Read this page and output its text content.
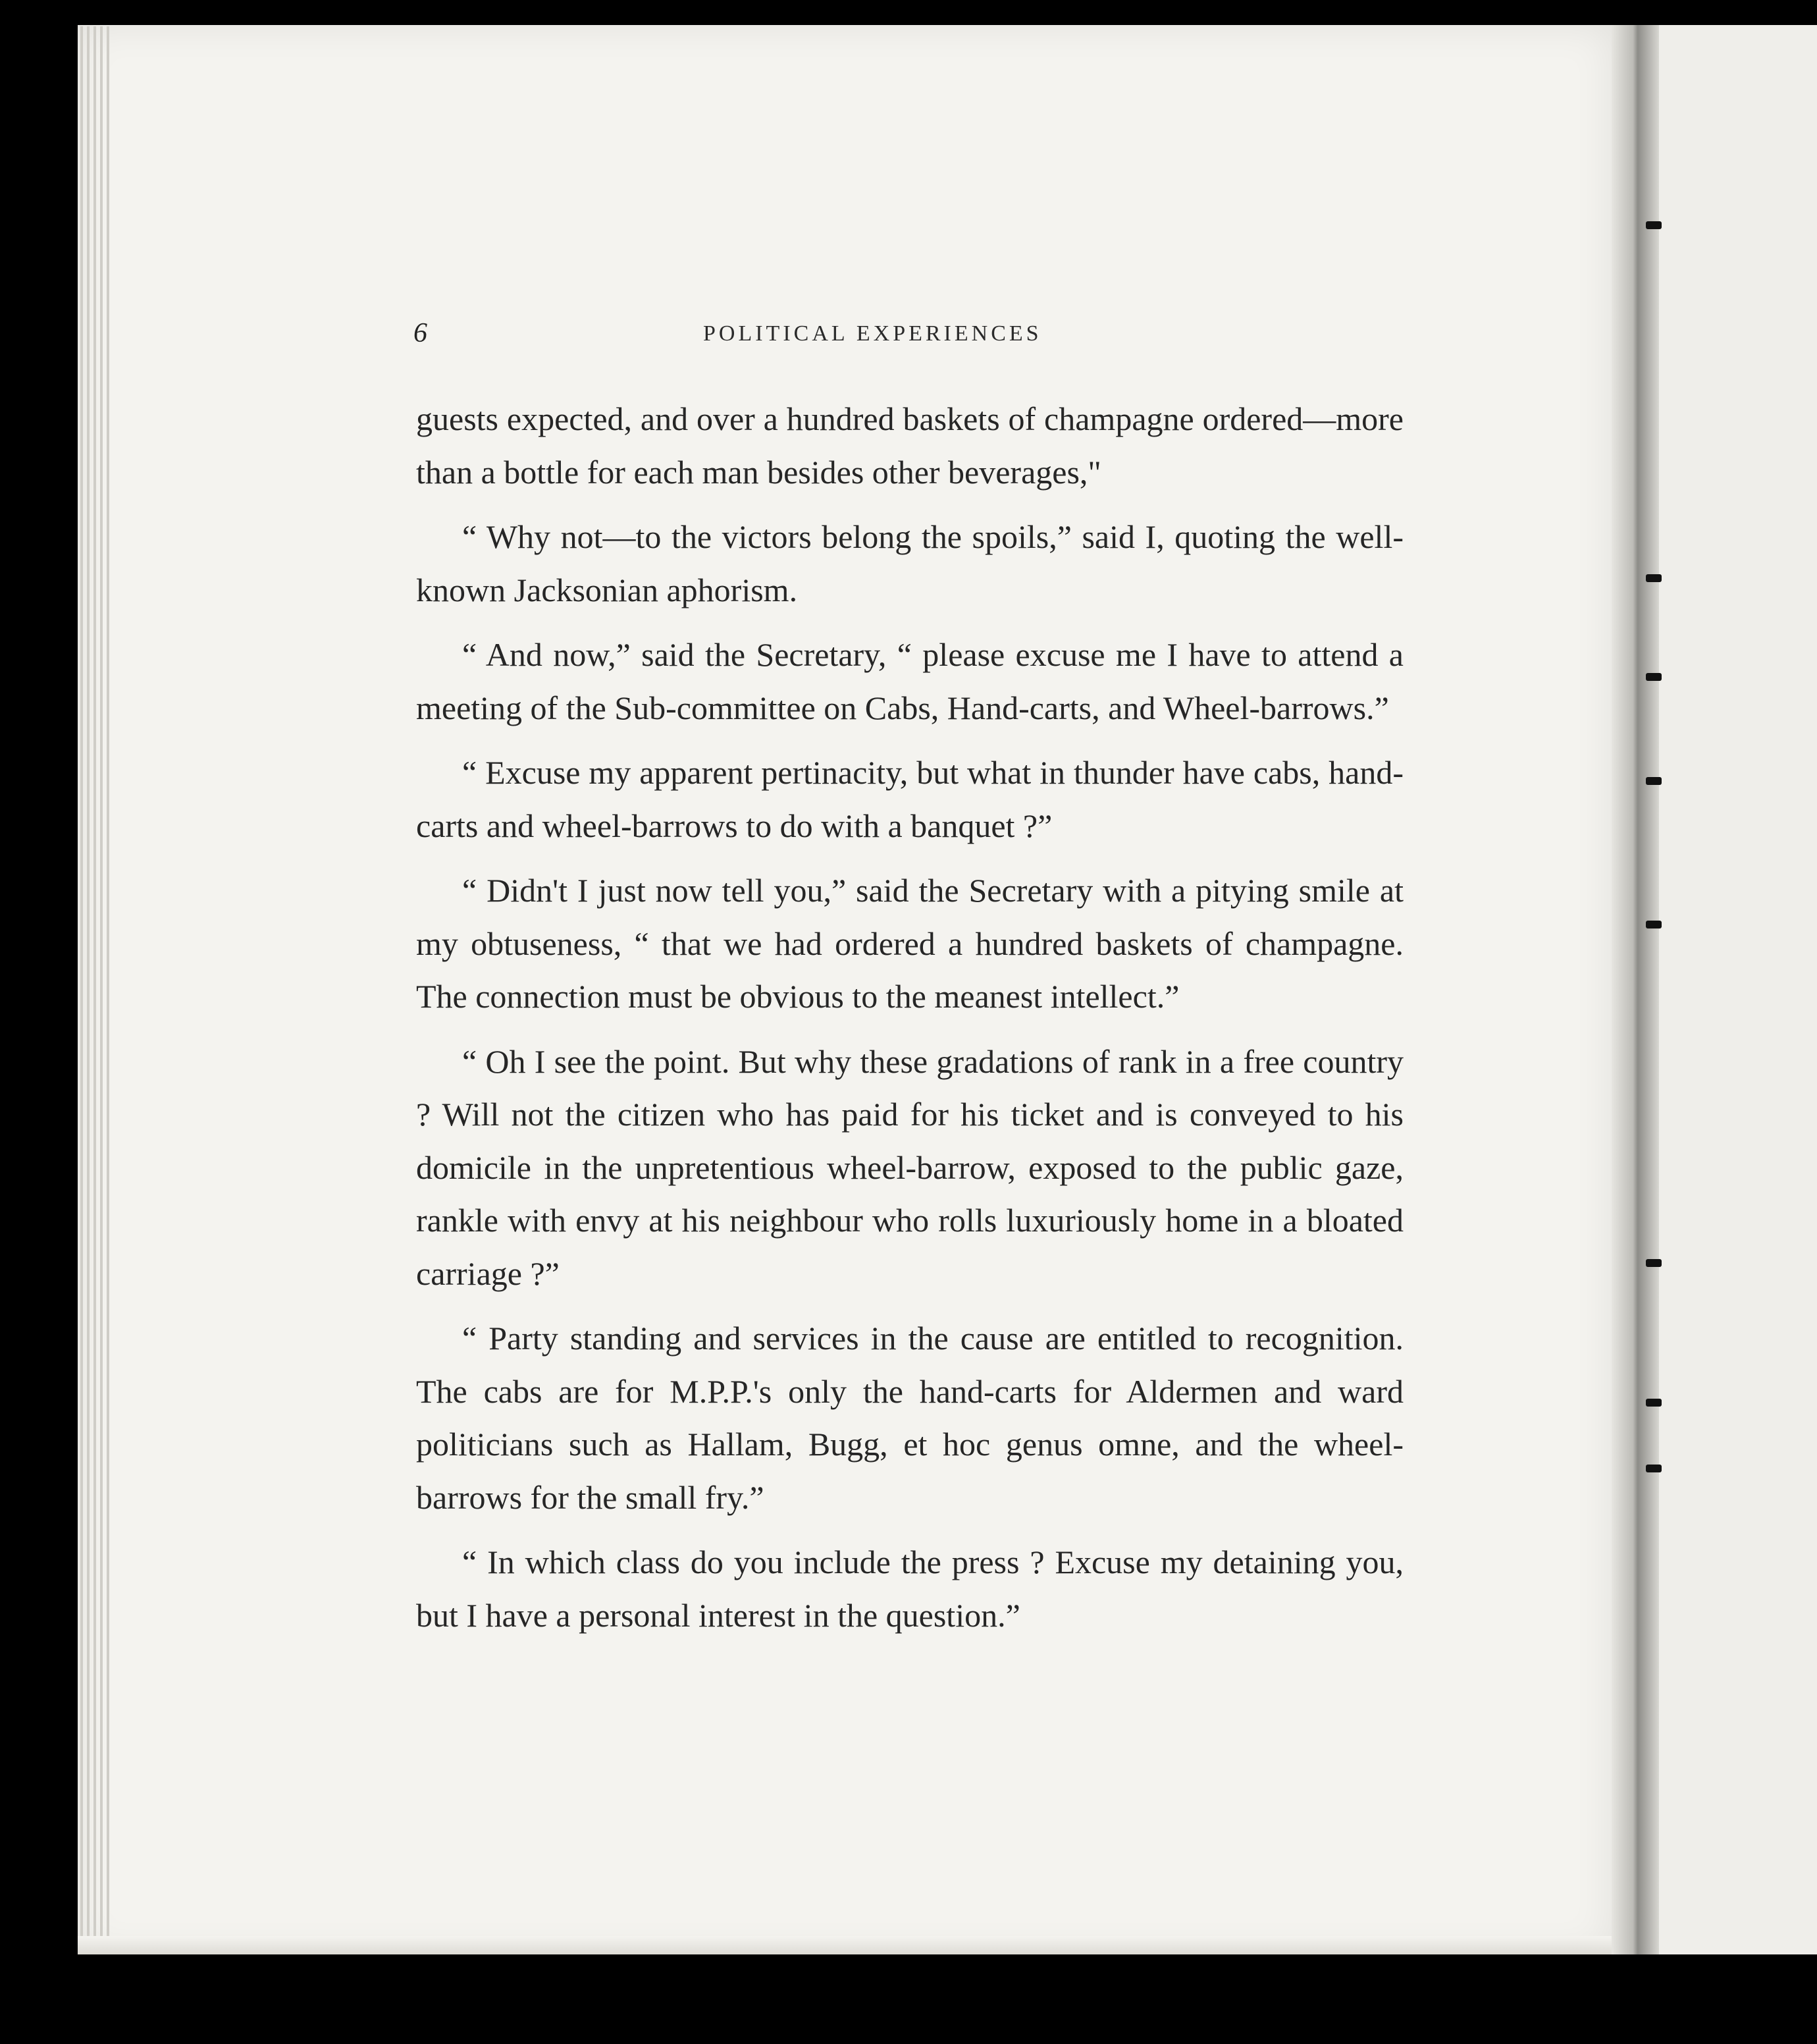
6	POLITICAL EXPERIENCES

guests expected, and over a hundred baskets of champagne ordered—more than a bottle for each man besides other beverages,"

“ Why not—to the victors belong the spoils,” said I, quoting the well-known Jacksonian aphorism.

“ And now,” said the Secretary, “ please excuse me I have to attend a meeting of the Sub-committee on Cabs, Hand-carts, and Wheel-barrows.”

“ Excuse my apparent pertinacity, but what in thunder have cabs, hand-carts and wheel-barrows to do with a banquet ?”

“ Didn't I just now tell you,” said the Secretary with a pitying smile at my obtuseness, “ that we had ordered a hundred baskets of champagne. The connection must be obvious to the meanest intellect.”

“ Oh I see the point. But why these gradations of rank in a free country ? Will not the citizen who has paid for his ticket and is conveyed to his domicile in the unpretentious wheel-barrow, exposed to the public gaze, rankle with envy at his neighbour who rolls luxuriously home in a bloated carriage ?”

“ Party standing and services in the cause are entitled to recognition. The cabs are for M.P.P.'s only the hand-carts for Aldermen and ward politicians such as Hallam, Bugg, et hoc genus omne, and the wheel-barrows for the small fry.”

“ In which class do you include the press ? Excuse my detaining you, but I have a personal interest in the question.”
